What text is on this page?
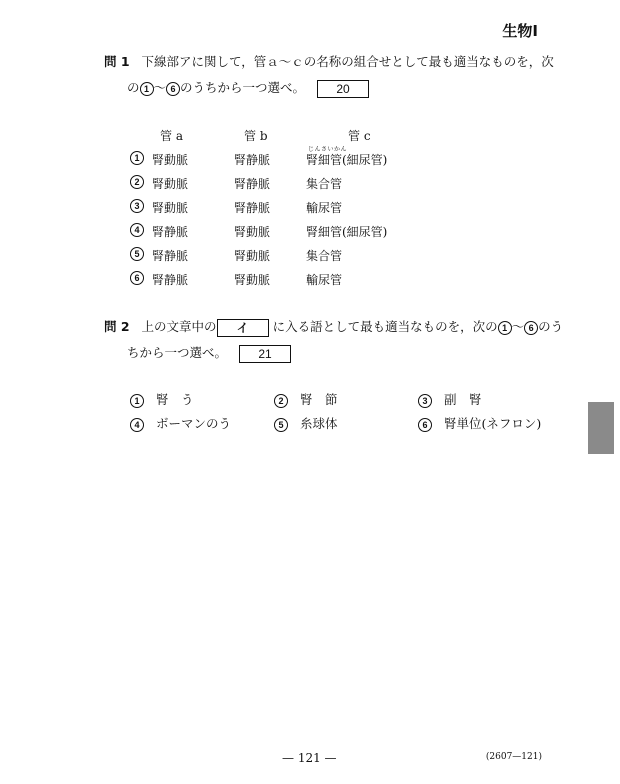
生物Ⅰ
問 1 下線部アに関して，管ａ～ｃの名称の組合せとして最も適当なものを，次
の 1 ～ 6 のうちから一つ選べ。	20
管 a	管 b	管 c
じんさいかん
1	腎動脈	腎静脈	腎細管(細尿管)
2	腎動脈	腎静脈	集合管
3	腎動脈	腎静脈	輸尿管
4	腎静脈	腎動脈	腎細管(細尿管)
5	腎静脈	腎動脈	集合管
6	腎静脈	腎動脈	輸尿管
問 2 上の文章中の イ に入る語として最も適当なものを，次の 1 ～ 6 のう
ちから一つ選べ。	21
1 腎　う	2 腎　節	3 副　腎
4 ボーマンのう	5 糸球体	6 腎単位(ネフロン)
— 121 —	(2607—121)
